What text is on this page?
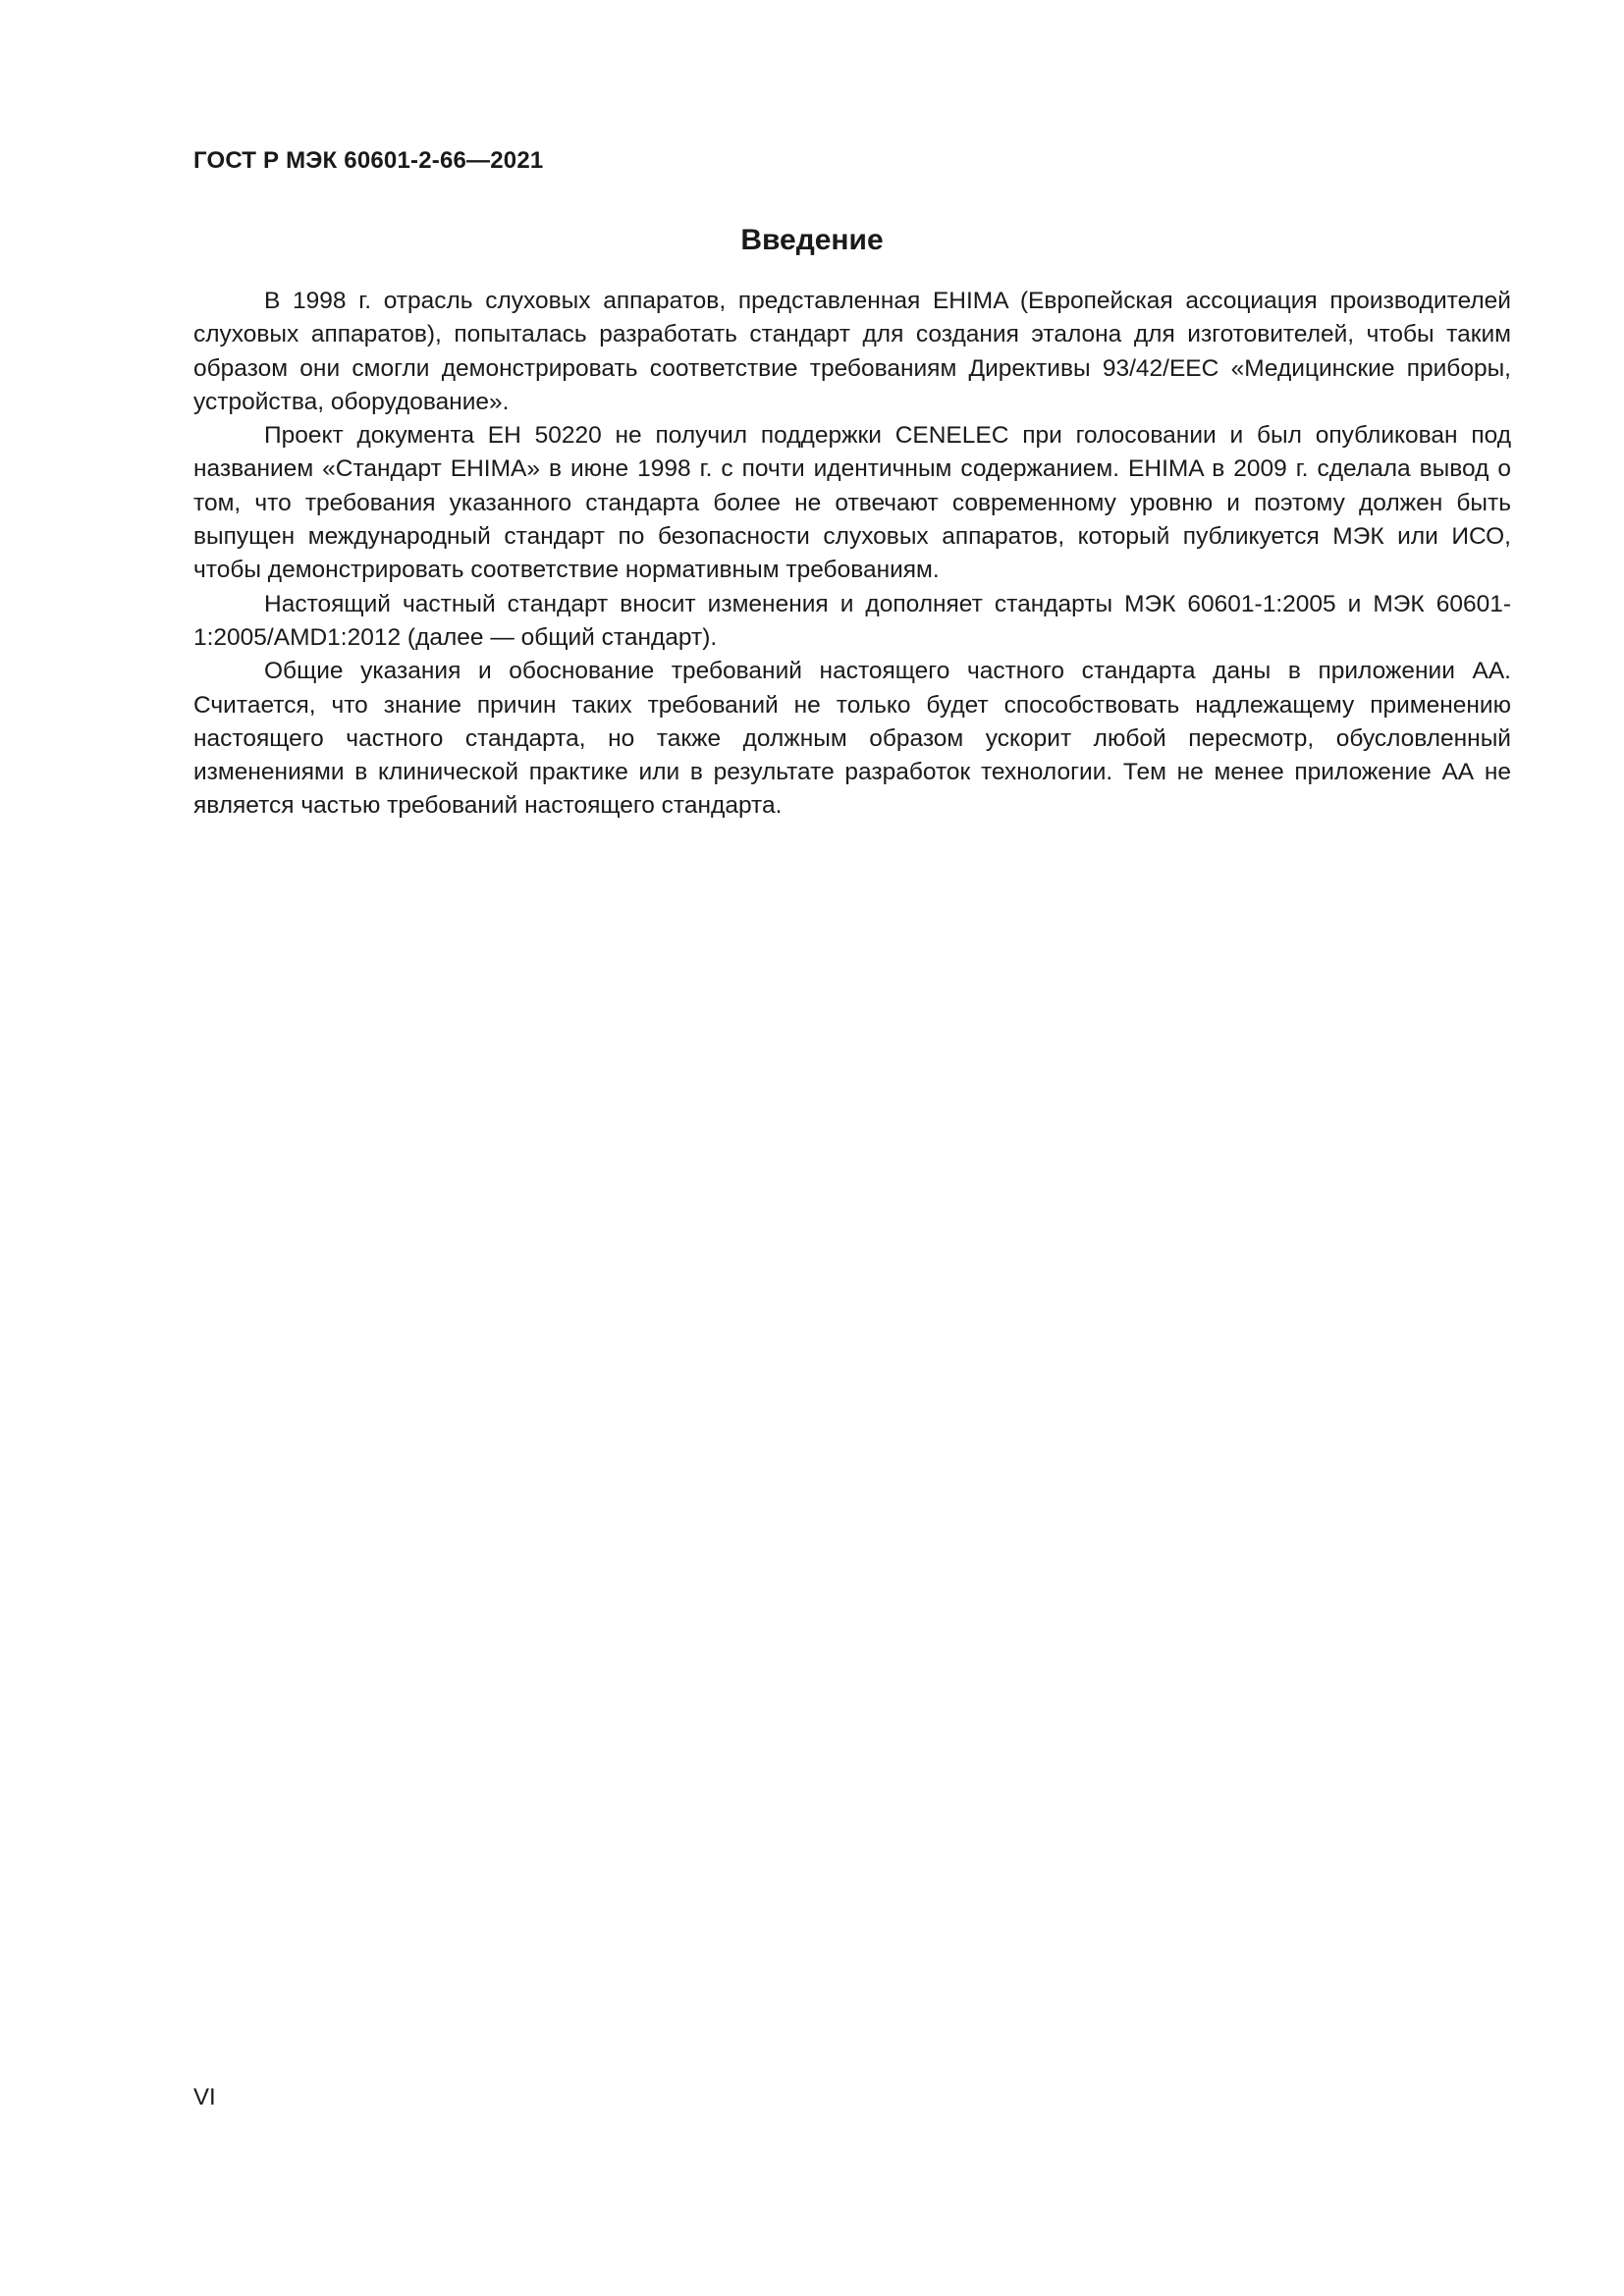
ГОСТ Р МЭК 60601-2-66—2021

Введение

В 1998 г. отрасль слуховых аппаратов, представленная EHIMA (Европейская ассоциация производителей слуховых аппаратов), попыталась разработать стандарт для создания эталона для изготовителей, чтобы таким образом они смогли демонстрировать соответствие требованиям Директивы 93/42/EEC «Медицинские приборы, устройства, оборудование».

Проект документа ЕН 50220 не получил поддержки CENELEC при голосовании и был опубликован под названием «Стандарт EHIMA» в июне 1998 г. с почти идентичным содержанием. EHIMA в 2009 г. сделала вывод о том, что требования указанного стандарта более не отвечают современному уровню и поэтому должен быть выпущен международный стандарт по безопасности слуховых аппаратов, который публикуется МЭК или ИСО, чтобы демонстрировать соответствие нормативным требованиям.

Настоящий частный стандарт вносит изменения и дополняет стандарты МЭК 60601-1:2005 и МЭК 60601-1:2005/AMD1:2012 (далее — общий стандарт).

Общие указания и обоснование требований настоящего частного стандарта даны в приложении АА. Считается, что знание причин таких требований не только будет способствовать надлежащему применению настоящего частного стандарта, но также должным образом ускорит любой пересмотр, обусловленный изменениями в клинической практике или в результате разработок технологии. Тем не менее приложение АА не является частью требований настоящего стандарта.

VI
